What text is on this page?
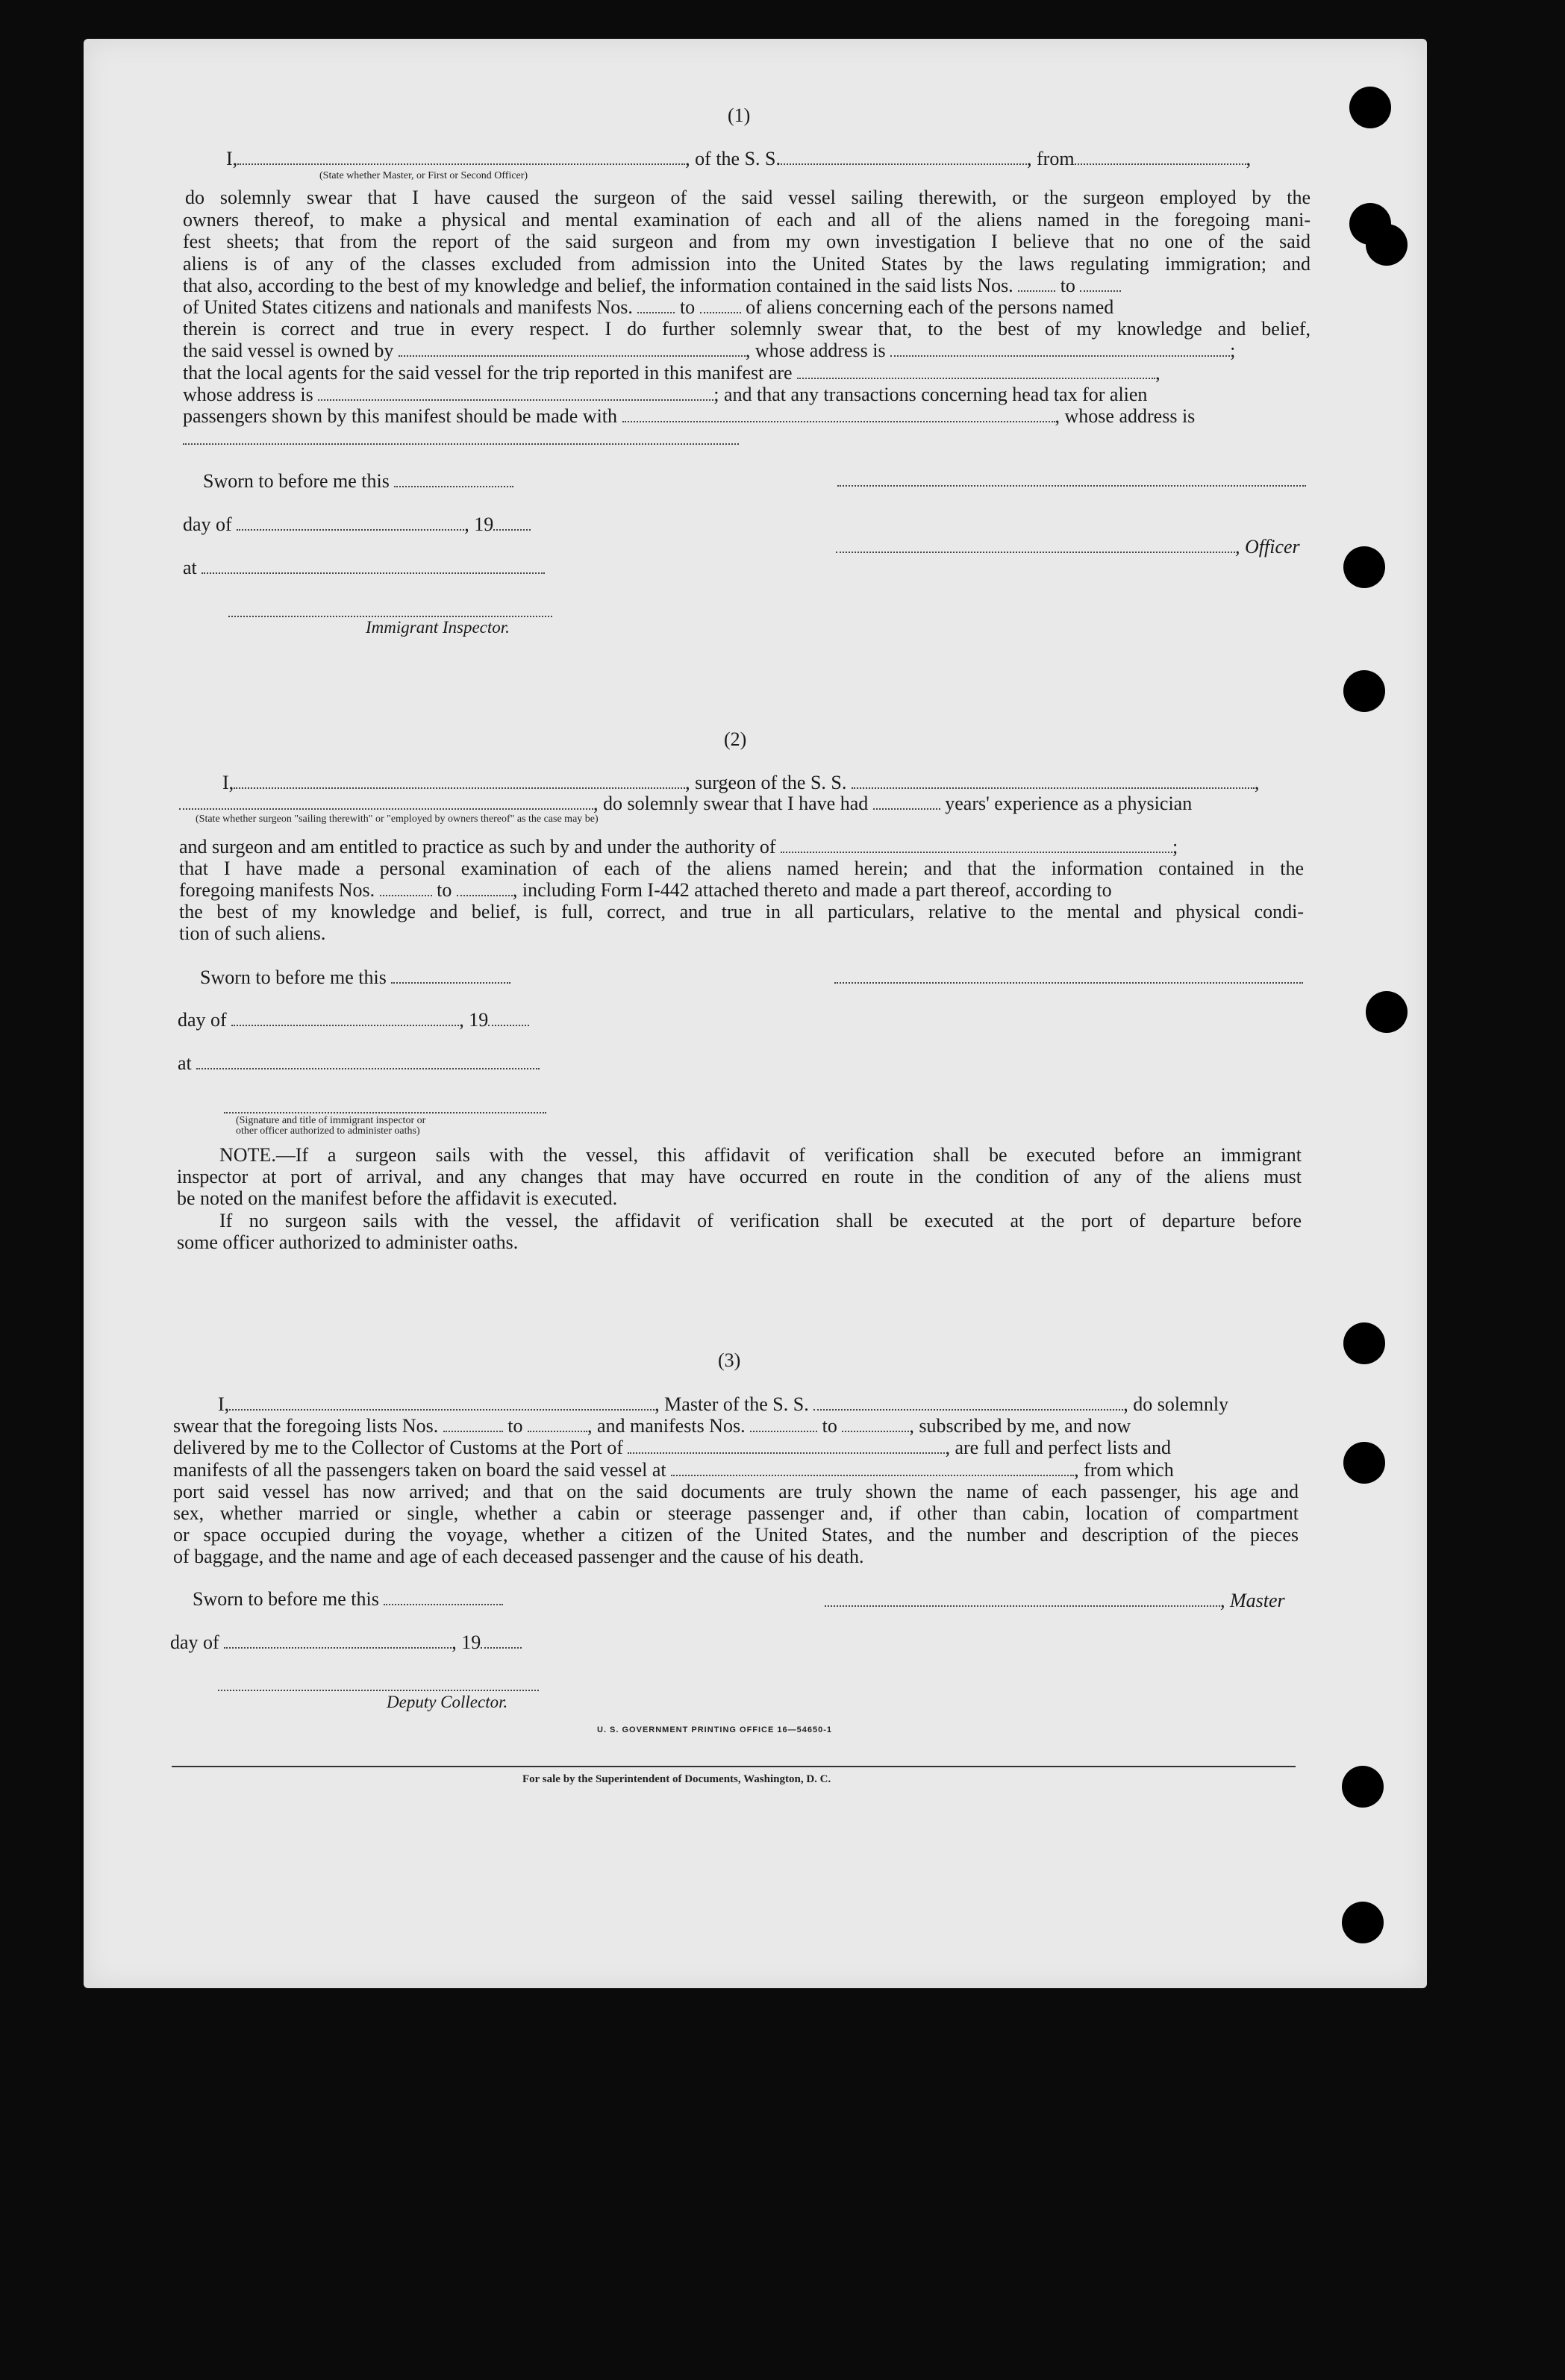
(1)
I,	, of the S. S.	, from	,
(State whether Master, or First or Second Officer)
do solemnly swear that I have caused the surgeon of the said vessel sailing therewith, or the surgeon employed by the
owners thereof, to make a physical and mental examination of each and all of the aliens named in the foregoing mani-
fest sheets; that from the report of the said surgeon and from my own investigation I believe that no one of the said
aliens is of any of the classes excluded from admission into the United States by the laws regulating immigration; and
that also, according to the best of my knowledge and belief, the information contained in the said lists Nos. to
of United States citizens and nationals and manifests Nos. to	of aliens concerning each of the persons named
therein is correct and true in every respect. I do further solemnly swear that, to the best of my knowledge and belief,
the said vessel is owned by	, whose address is	;
that the local agents for the said vessel for the trip reported in this manifest are	,
whose address is	; and that any transactions concerning head tax for alien
passengers shown by this manifest should be made with	, whose address is
Sworn to before me this
day of	, 19
, Officer
at
Immigrant Inspector.
(2)
I,	, surgeon of the S. S.	,
, do solemnly swear that I have had	years' experience as a physician
(State whether surgeon "sailing therewith" or "employed by owners thereof" as the case may be)
and surgeon and am entitled to practice as such by and under the authority of	;
that I have made a personal examination of each of the aliens named herein; and that the information contained in the
foregoing manifests Nos.	to	, including Form I-442 attached thereto and made a part thereof, according to
the best of my knowledge and belief, is full, correct, and true in all particulars, relative to the mental and physical condi-
tion of such aliens.
Sworn to before me this
day of	, 19
at
(Signature and title of immigrant inspector or
other officer authorized to administer oaths)
NOTE.—If a surgeon sails with the vessel, this affidavit of verification shall be executed before an immigrant
inspector at port of arrival, and any changes that may have occurred en route in the condition of any of the aliens must
be noted on the manifest before the affidavit is executed.
If no surgeon sails with the vessel, the affidavit of verification shall be executed at the port of departure before
some officer authorized to administer oaths.
(3)
I,	, Master of the S. S.	, do solemnly
swear that the foregoing lists Nos.	to	, and manifests Nos.	to	, subscribed by me, and now
delivered by me to the Collector of Customs at the Port of	, are full and perfect lists and
manifests of all the passengers taken on board the said vessel at	, from which
port said vessel has now arrived; and that on the said documents are truly shown the name of each passenger, his age and
sex, whether married or single, whether a cabin or steerage passenger and, if other than cabin, location of compartment
or space occupied during the voyage, whether a citizen of the United States, and the number and description of the pieces
of baggage, and the name and age of each deceased passenger and the cause of his death.
Sworn to before me this	, Master
day of	, 19
Deputy Collector.
U. S. GOVERNMENT PRINTING OFFICE 16—54650-1
For sale by the Superintendent of Documents, Washington, D. C.
